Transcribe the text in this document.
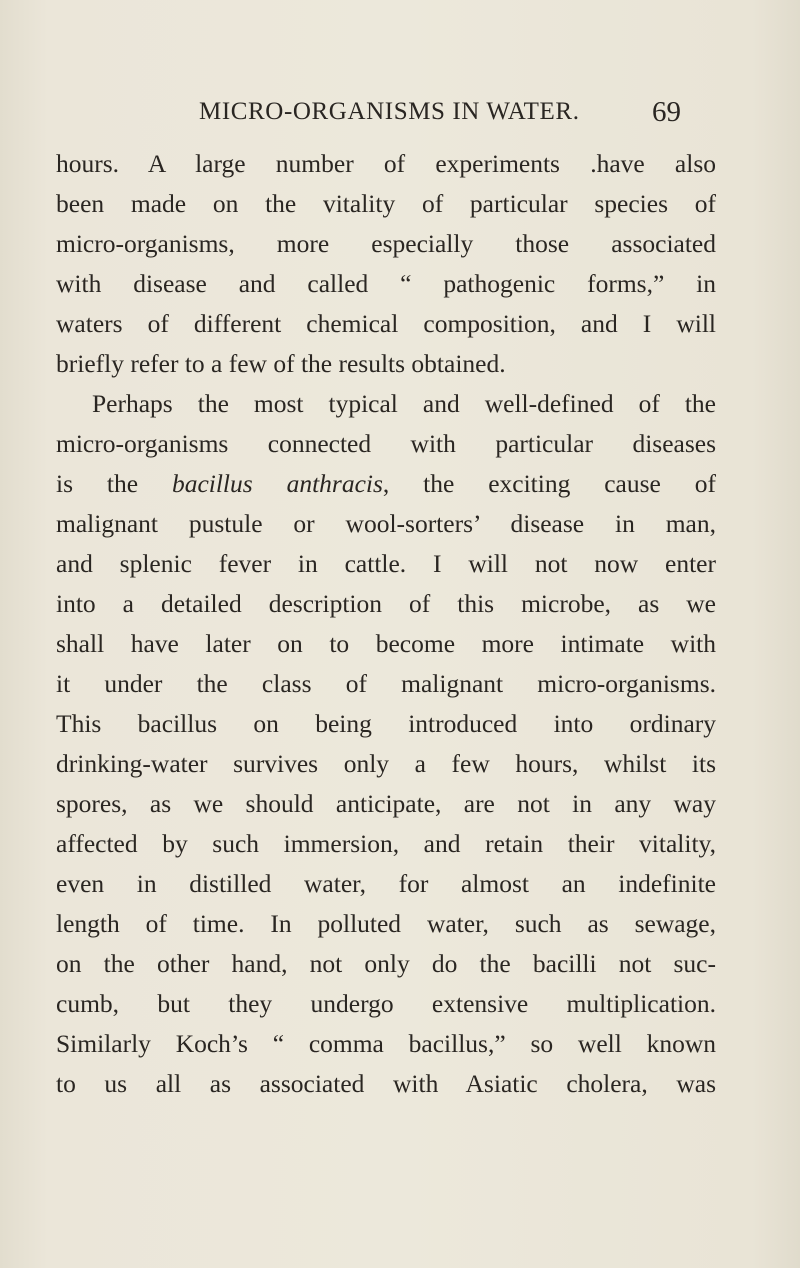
MICRO-ORGANISMS IN WATER. 69
hours. A large number of experiments .have also
been made on the vitality of particular species of
micro-organisms, more especially those associated
with disease and called “ pathogenic forms,” in
waters of different chemical composition, and I will
briefly refer to a few of the results obtained.
Perhaps the most typical and well-defined of the
micro-organisms connected with particular diseases
is the bacillus anthracis, the exciting cause of
malignant pustule or wool-sorters’ disease in man,
and splenic fever in cattle. I will not now enter
into a detailed description of this microbe, as we
shall have later on to become more intimate with
it under the class of malignant micro-organisms.
This bacillus on being introduced into ordinary
drinking-water survives only a few hours, whilst its
spores, as we should anticipate, are not in any way
affected by such immersion, and retain their vitality,
even in distilled water, for almost an indefinite
length of time. In polluted water, such as sewage,
on the other hand, not only do the bacilli not suc-
cumb, but they undergo extensive multiplication.
Similarly Koch’s “ comma bacillus,” so well known
to us all as associated with Asiatic cholera, was
